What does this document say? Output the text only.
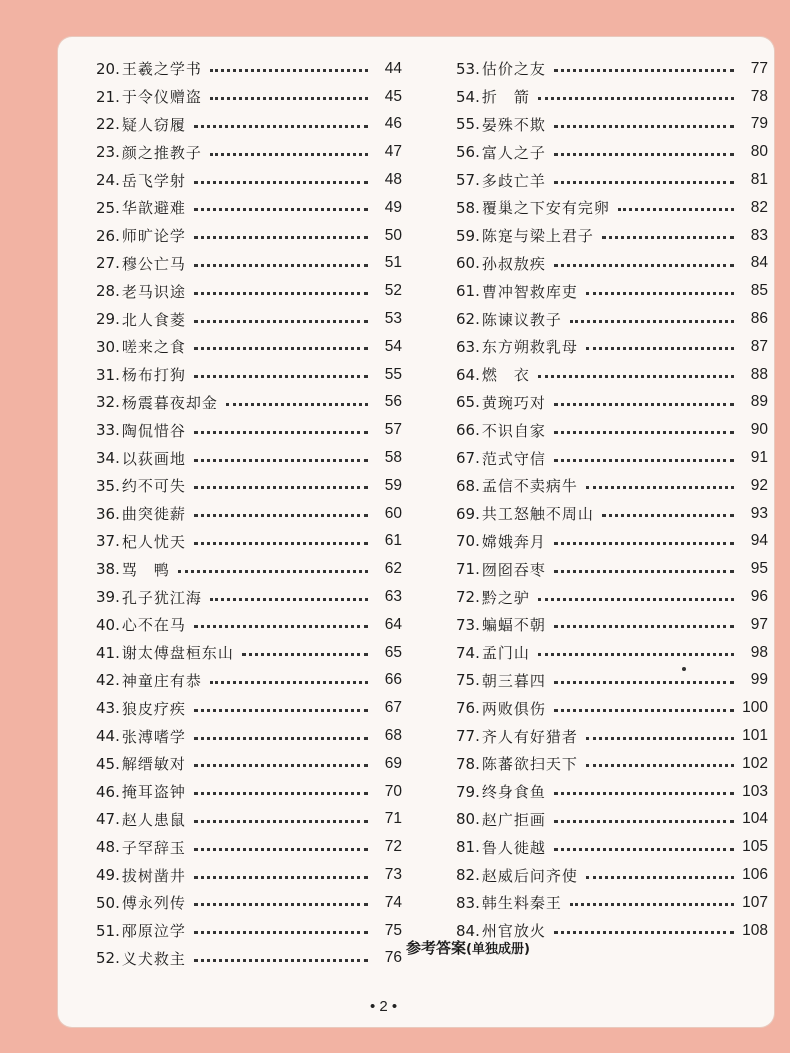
20. 王羲之学书	44
21. 于令仪赠盗	45
22. 疑人窃履	46
23. 颜之推教子	47
24. 岳飞学射	48
25. 华歆避难	49
26. 师旷论学	50
27. 穆公亡马	51
28. 老马识途	52
29. 北人食菱	53
30. 嗟来之食	54
31. 杨布打狗	55
32. 杨震暮夜却金	56
33. 陶侃惜谷	57
34. 以荻画地	58
35. 约不可失	59
36. 曲突徙薪	60
37. 杞人忧天	61
38. 骂　鸭	62
39. 孔子犹江海	63
40. 心不在马	64
41. 谢太傅盘桓东山	65
42. 神童庄有恭	66
43. 狼皮疗疾	67
44. 张溥嗜学	68
45. 解缙敏对	69
46. 掩耳盗钟	70
47. 赵人患鼠	71
48. 子罕辞玉	72
49. 拔树凿井	73
50. 傅永列传	74
51. 邴原泣学	75
52. 义犬救主	76
53. 估价之友	77
54. 折　箭	78
55. 晏殊不欺	79
56. 富人之子	80
57. 多歧亡羊	81
58. 覆巢之下安有完卵	82
59. 陈寔与梁上君子	83
60. 孙叔敖疾	84
61. 曹冲智救库吏	85
62. 陈谏议教子	86
63. 东方朔救乳母	87
64. 燃　衣	88
65. 黄琬巧对	89
66. 不识自家	90
67. 范式守信	91
68. 孟信不卖病牛	92
69. 共工怒触不周山	93
70. 嫦娥奔月	94
71. 囫囵吞枣	95
72. 黔之驴	96
73. 蝙蝠不朝	97
74. 孟门山	98
75. 朝三暮四	99
76. 两败俱伤	100
77. 齐人有好猎者	101
78. 陈蕃欲扫天下	102
79. 终身食鱼	103
80. 赵广拒画	104
81. 鲁人徙越	105
82. 赵威后问齐使	106
83. 韩生料秦王	107
84. 州官放火	108
参考答案(单独成册)
• 2 •
